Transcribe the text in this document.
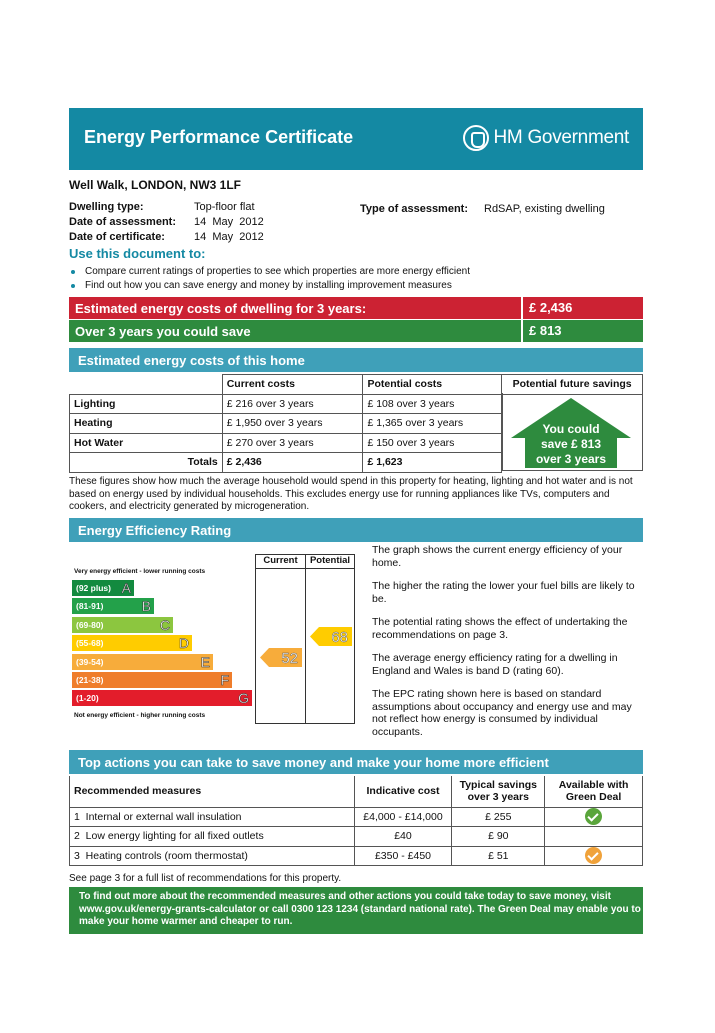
Energy Performance Certificate	HM Government
Well Walk, LONDON, NW3 1LF
Dwelling type:	Top-floor flat
Date of assessment:	14  May  2012
Date of certificate:	14  May  2012
Type of assessment:	RdSAP, existing dwelling
Use this document to:
Compare current ratings of properties to see which properties are more energy efficient
Find out how you can save energy and money by installing improvement measures
Estimated energy costs of dwelling for 3 years:	£ 2,436
Over 3 years you could save	£ 813
Estimated energy costs of this home
	Current costs	Potential costs	Potential future savings
Lighting	£ 216 over 3 years	£ 108 over 3 years	
Heating	£ 1,950 over 3 years	£ 1,365 over 3 years	
Hot Water	£ 270 over 3 years	£ 150 over 3 years	
Totals	£ 2,436	£ 1,623	
You could
save £ 813
over 3 years
These figures show how much the average household would spend in this property for heating, lighting and hot water and is not based on energy used by individual households. This excludes energy use for running appliances like TVs, computers and cookers, and electricity generated by microgeneration.
Energy Efficiency Rating
Very energy efficient - lower running costs
(92 plus) A
(81-91)	B
(69-80)	C
(55-68)	D
(39-54)	E
(21-38)	F
(1-20)	G
Not energy efficient - higher running costs
Current	Potential
52
68

The graph shows the current energy efficiency of your home.

The higher the rating the lower your fuel bills are likely to be.

The potential rating shows the effect of undertaking the recommendations on page 3.

The average energy efficiency rating for a dwelling in England and Wales is band D (rating 60).

The EPC rating shown here is based on standard assumptions about occupancy and energy use and may not reflect how energy is consumed by individual occupants.

Top actions you can take to save money and make your home more efficient
Recommended measures	Indicative cost	Typical savings over 3 years	Available with Green Deal
1  Internal or external wall insulation	£4,000 - £14,000	£ 255	
2  Low energy lighting for all fixed outlets	£40	£ 90	
3  Heating controls (room thermostat)	£350 - £450	£ 51	
See page 3 for a full list of recommendations for this property.
To find out more about the recommended measures and other actions you could take today to save money, visit www.gov.uk/energy-grants-calculator or call 0300 123 1234 (standard national rate). The Green Deal may enable you to make your home warmer and cheaper to run.
